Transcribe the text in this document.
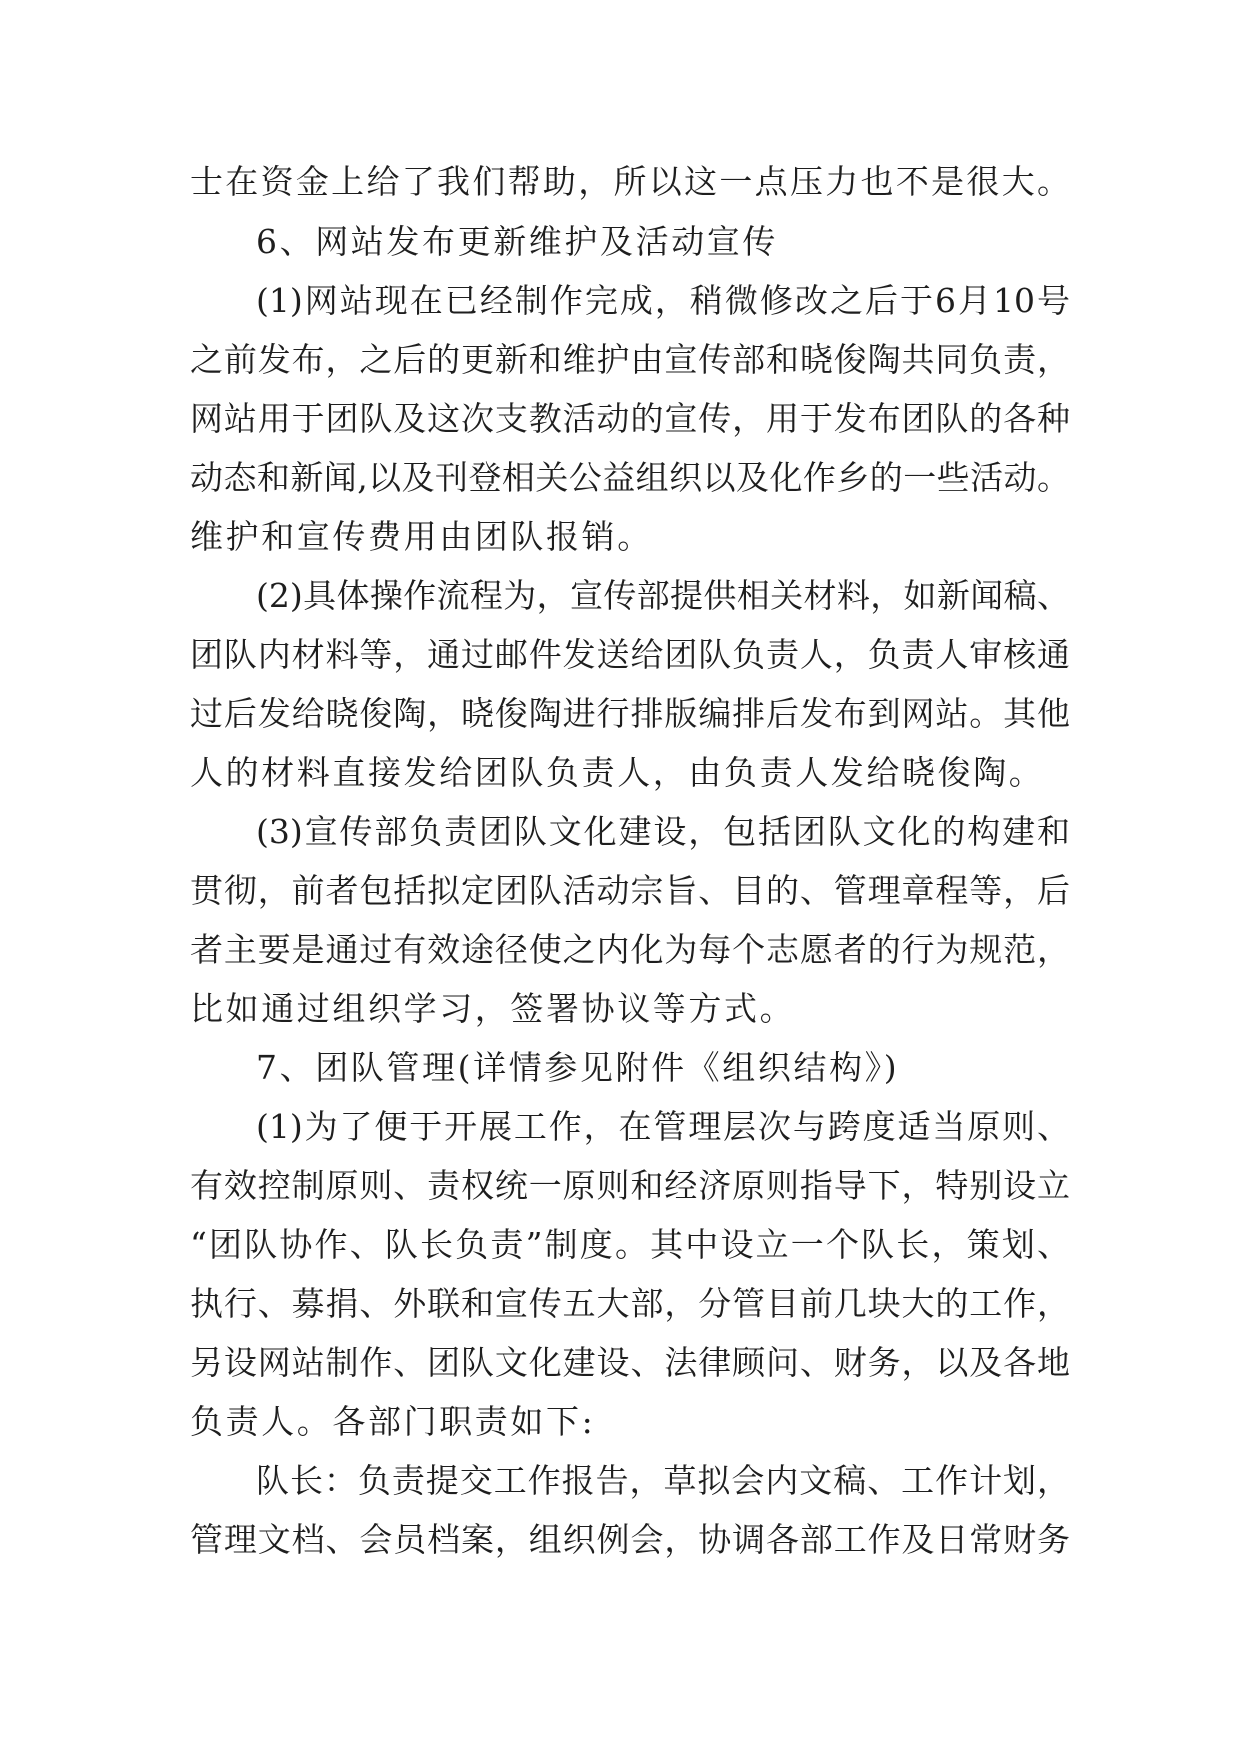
士在资金上给了我们帮助，所以这一点压力也不是很大。
6、网站发布更新维护及活动宣传
(1)网站现在已经制作完成，稍微修改之后于6月10号
之前发布，之后的更新和维护由宣传部和晓俊陶共同负责，
网站用于团队及这次支教活动的宣传，用于发布团队的各种
动态和新闻,以及刊登相关公益组织以及化作乡的一些活动。
维护和宣传费用由团队报销。
(2)具体操作流程为，宣传部提供相关材料，如新闻稿、
团队内材料等，通过邮件发送给团队负责人，负责人审核通
过后发给晓俊陶，晓俊陶进行排版编排后发布到网站。其他
人的材料直接发给团队负责人，由负责人发给晓俊陶。
(3)宣传部负责团队文化建设，包括团队文化的构建和
贯彻，前者包括拟定团队活动宗旨、目的、管理章程等，后
者主要是通过有效途径使之内化为每个志愿者的行为规范，
比如通过组织学习，签署协议等方式。
7、团队管理(详情参见附件《组织结构》)
(1)为了便于开展工作，在管理层次与跨度适当原则、
有效控制原则、责权统一原则和经济原则指导下，特别设立
“团队协作、队长负责”制度。其中设立一个队长，策划、
执行、募捐、外联和宣传五大部，分管目前几块大的工作，
另设网站制作、团队文化建设、法律顾问、财务，以及各地
负责人。各部门职责如下:
队长：负责提交工作报告，草拟会内文稿、工作计划，
管理文档、会员档案，组织例会，协调各部工作及日常财务
